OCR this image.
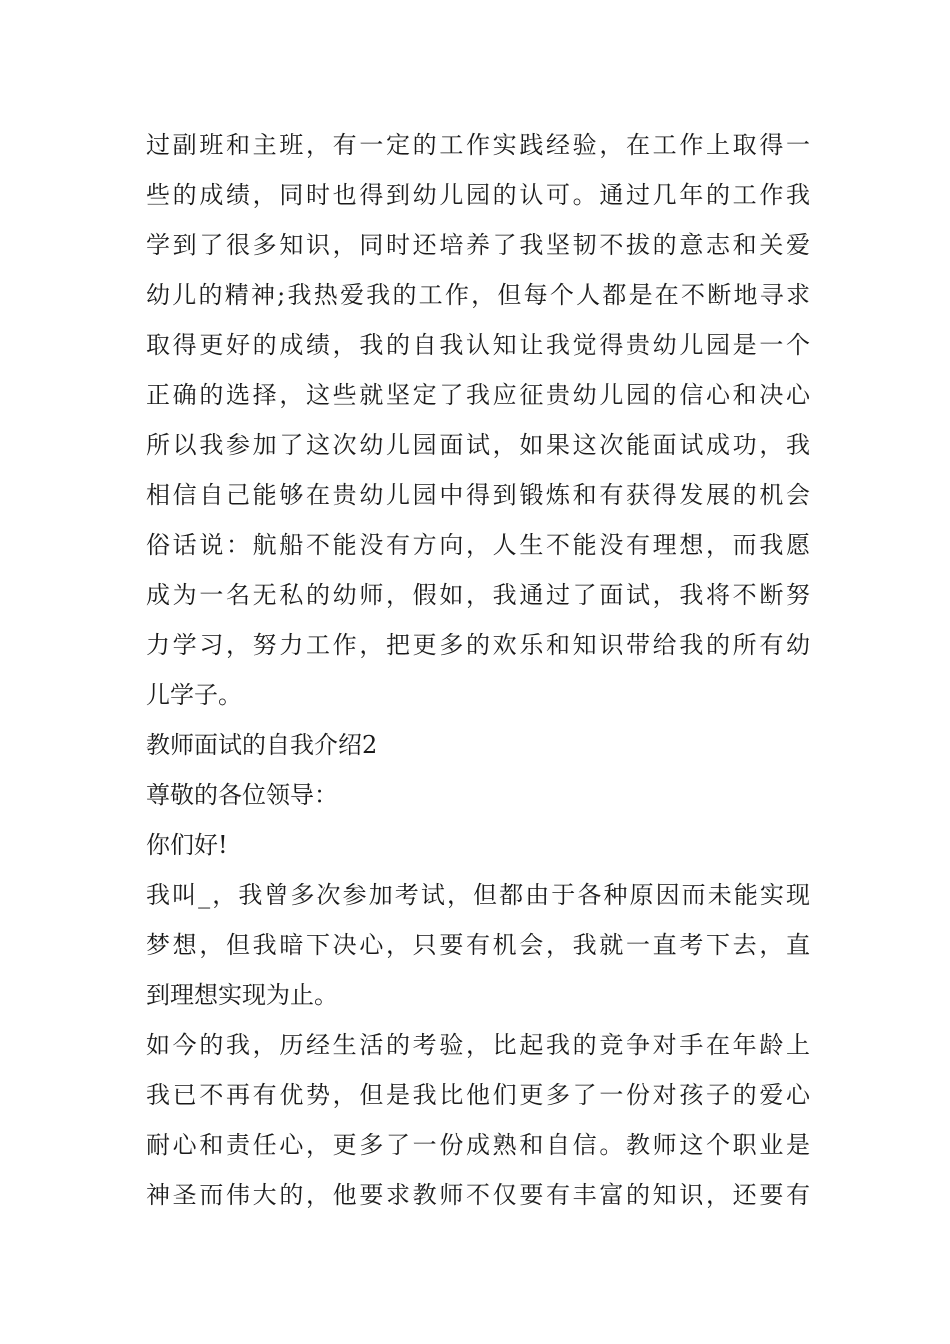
过副班和主班，有一定的工作实践经验，在工作上取得一
些的成绩，同时也得到幼儿园的认可。通过几年的工作我
学到了很多知识，同时还培养了我坚韧不拔的意志和关爱
幼儿的精神;我热爱我的工作，但每个人都是在不断地寻求
取得更好的成绩，我的自我认知让我觉得贵幼儿园是一个
正确的选择，这些就坚定了我应征贵幼儿园的信心和决心
所以我参加了这次幼儿园面试，如果这次能面试成功，我
相信自己能够在贵幼儿园中得到锻炼和有获得发展的机会
俗话说：航船不能没有方向，人生不能没有理想，而我愿
成为一名无私的幼师，假如，我通过了面试，我将不断努
力学习，努力工作，把更多的欢乐和知识带给我的所有幼
儿学子。
教师面试的自我介绍2
尊敬的各位领导：
你们好!
我叫_，我曾多次参加考试，但都由于各种原因而未能实现
梦想，但我暗下决心，只要有机会，我就一直考下去，直
到理想实现为止。
如今的我，历经生活的考验，比起我的竞争对手在年龄上
我已不再有优势，但是我比他们更多了一份对孩子的爱心
耐心和责任心，更多了一份成熟和自信。教师这个职业是
神圣而伟大的，他要求教师不仅要有丰富的知识，还要有
